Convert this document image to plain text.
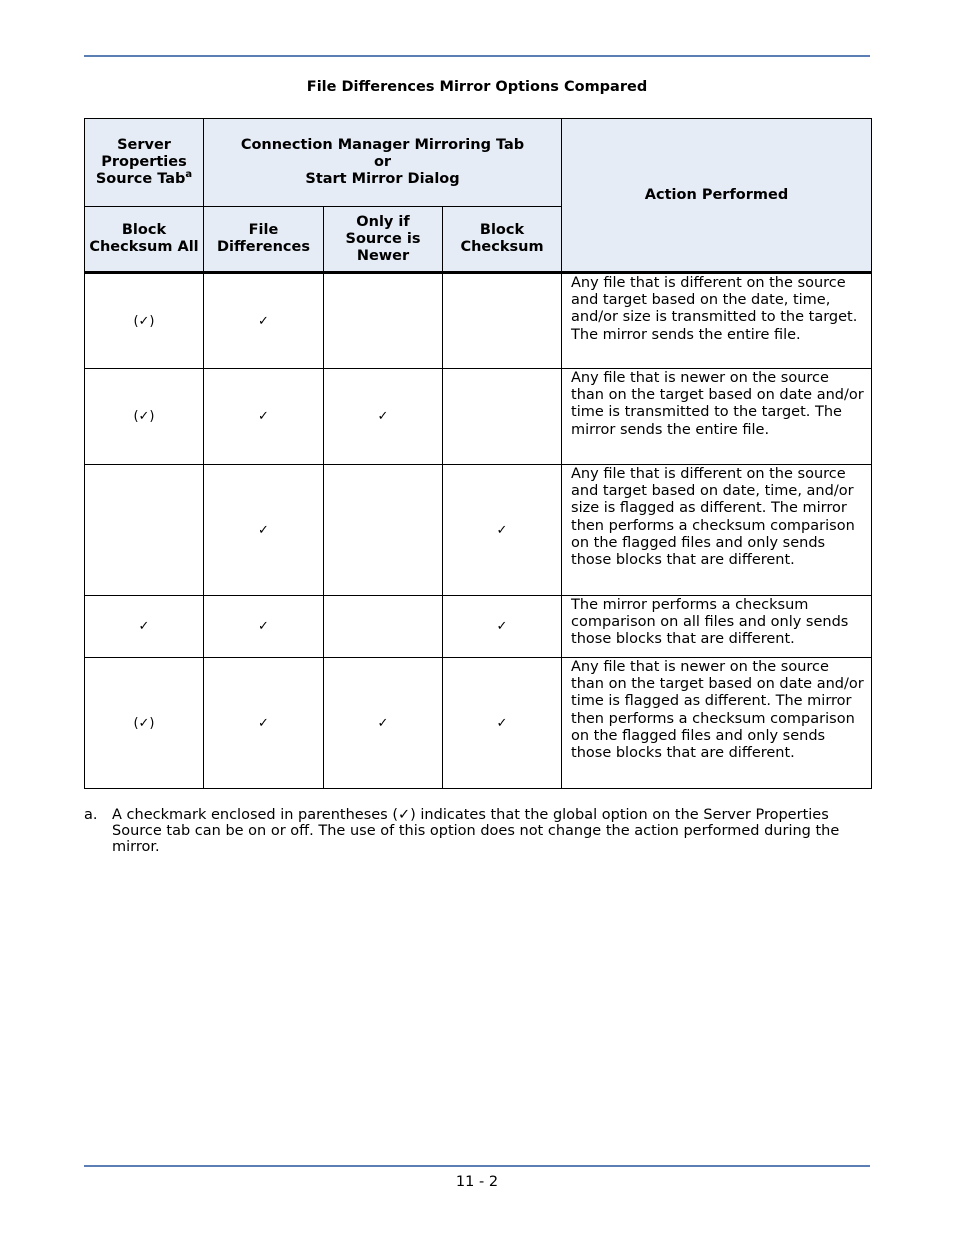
File Differences Mirror Options Compared
Server Properties Source Tab$^a$	Connection Manager Mirroring Tab
or
Start Mirror Dialog			Action Performed
Block Checksum All	File Differences	Only if Source is Newer	Block Checksum	
(✓)	✓			Any file that is different on the source and target based on the date, time, and/or size is transmitted to the target. The mirror sends the entire file.
(✓)	✓	✓		Any file that is newer on the source than on the target based on date and/or time is transmitted to the target. The mirror sends the entire file.
	✓		✓	Any file that is different on the source and target based on date, time, and/or size is flagged as different. The mirror then performs a checksum comparison on the flagged files and only sends those blocks that are different.
✓	✓		✓	The mirror performs a checksum comparison on all files and only sends those blocks that are different.
(✓)	✓	✓	✓	Any file that is newer on the source than on the target based on date and/or time is flagged as different. The mirror then performs a checksum comparison on the flagged files and only sends those blocks that are different.
a. A checkmark enclosed in parentheses (✓) indicates that the global option on the Server Properties Source tab can be on or off. The use of this option does not change the action performed during the mirror.
11 - 2
